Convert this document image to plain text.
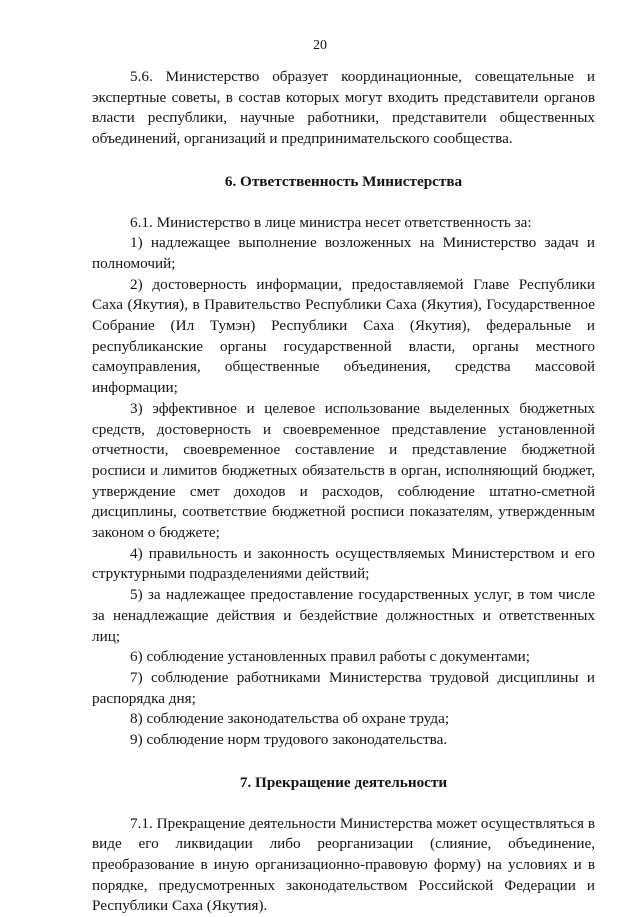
20

5.6. Министерство образует координационные, совещательные и экспертные советы, в состав которых могут входить представители органов власти республики, научные работники, представители общественных объединений, организаций и предпринимательского сообщества.

6. Ответственность Министерства

6.1. Министерство в лице министра несет ответственность за:

1) надлежащее выполнение возложенных на Министерство задач и полномочий;

2) достоверность информации, предоставляемой Главе Республики Саха (Якутия), в Правительство Республики Саха (Якутия), Государственное Собрание (Ил Тумэн) Республики Саха (Якутия), федеральные и республиканские органы государственной власти, органы местного самоуправления, общественные объединения, средства массовой информации;

3) эффективное и целевое использование выделенных бюджетных средств, достоверность и своевременное представление установленной отчетности, своевременное составление и представление бюджетной росписи и лимитов бюджетных обязательств в орган, исполняющий бюджет, утверждение смет доходов и расходов, соблюдение штатно-сметной дисциплины, соответствие бюджетной росписи показателям, утвержденным законом о бюджете;

4) правильность и законность осуществляемых Министерством и его структурными подразделениями действий;

5) за надлежащее предоставление государственных услуг, в том числе за ненадлежащие действия и бездействие должностных и ответственных лиц;

6) соблюдение установленных правил работы с документами;

7) соблюдение работниками Министерства трудовой дисциплины и распорядка дня;

8) соблюдение законодательства об охране труда;

9) соблюдение норм трудового законодательства.

7. Прекращение деятельности

7.1. Прекращение деятельности Министерства может осуществляться в виде его ликвидации либо реорганизации (слияние, объединение, преобразование в иную организационно-правовую форму) на условиях и в порядке, предусмотренных законодательством Российской Федерации и Республики Саха (Якутия).
